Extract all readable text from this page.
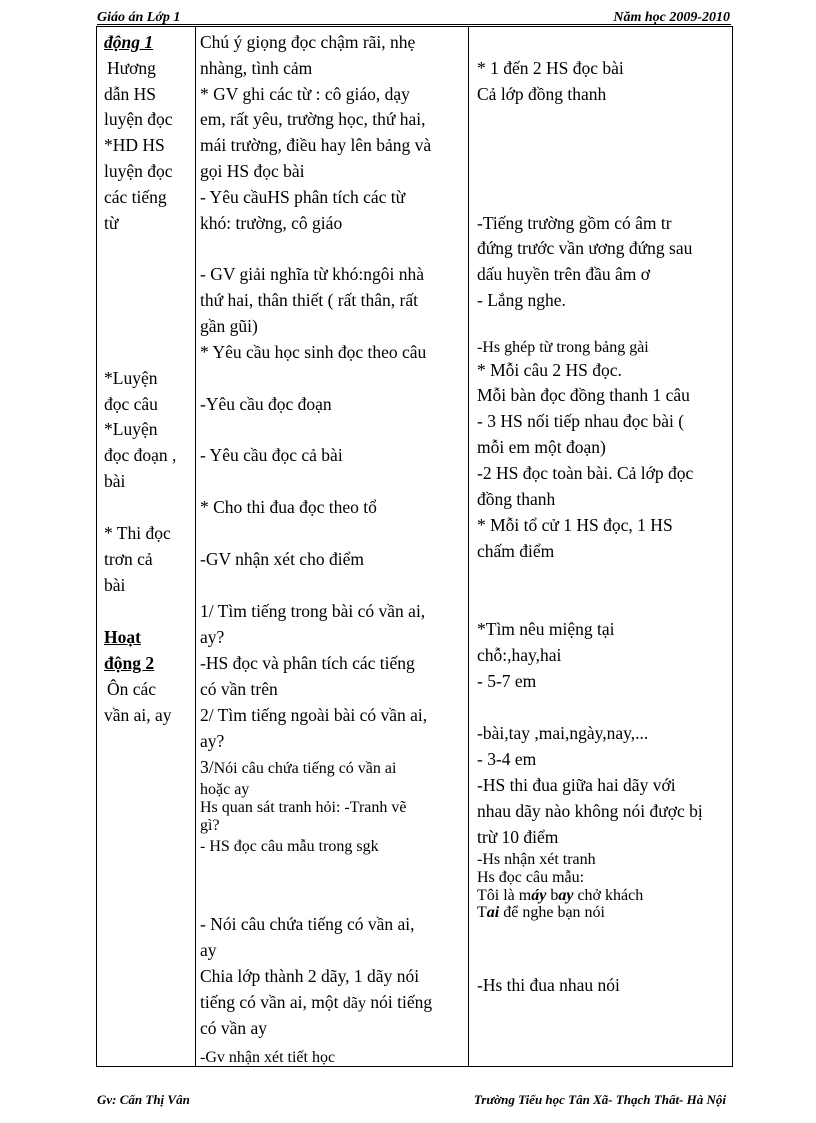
Giáo án Lớp 1	Năm học 2009-2010
động 1
Hương
dẫn HS
luyện đọc
*HD HS
luyện đọc
các tiếng
từ
*Luyện
đọc câu
*Luyện
đọc đoạn ,
bài
* Thi đọc
trơn cả
bài
Hoạt
động 2
Ôn các
vần ai, ay
Chú ý giọng đọc chậm rãi, nhẹ
nhàng, tình cảm
* GV ghi các từ : cô giáo, dạy
em, rất yêu, trường học, thứ hai,
mái trường, điều hay lên bảng và
gọi HS đọc bài
- Yêu cầuHS phân tích các từ
khó: trường, cô giáo
- GV giải nghĩa từ khó:ngôi nhà
thứ hai, thân thiết ( rất thân, rất
gần gũi)
* Yêu cầu học sinh đọc theo câu
-Yêu cầu đọc đoạn
- Yêu cầu đọc cả bài
* Cho thi đua đọc theo tổ
-GV nhận xét cho điểm
1/ Tìm tiếng trong bài có vần ai,
ay?
-HS đọc và phân tích các tiếng
có vần trên
2/ Tìm tiếng ngoài bài có vần ai,
ay?
3/Nói câu chứa tiếng có vần ai
hoặc ay
Hs quan sát tranh hỏi: -Tranh vẽ
gì?
- HS đọc câu mẫu trong sgk
- Nói câu chứa tiếng có vần ai,
ay
Chia lớp thành 2 dãy, 1 dãy nói
tiếng có vần ai, một dãy nói tiếng
có vần ay
-Gv nhận xét tiết học
* 1 đến 2 HS đọc bài
Cả lớp đồng thanh
-Tiếng trường gồm có âm tr
đứng trước vần ương đứng sau
dấu huyền trên đầu âm ơ
- Lắng nghe.
-Hs ghép từ trong bảng gài
* Mỗi câu 2 HS đọc.
Mỗi bàn đọc đồng thanh 1 câu
- 3 HS nối tiếp nhau đọc bài (
mỗi em một đoạn)
-2 HS đọc toàn bài. Cả lớp đọc
đồng thanh
* Mỗi tổ cử 1 HS đọc, 1 HS
chấm điểm
*Tìm nêu miệng tại
chỗ:,hay,hai
- 5-7 em
-bài,tay ,mai,ngày,nay,...
- 3-4 em
-HS thi đua giữa hai dãy với
nhau dãy nào không nói được bị
trừ 10 điểm
-Hs nhận xét tranh
Hs đọc câu mẫu:
Tôi là máy bay chở khách
Tai để nghe bạn nói
-Hs thi đua nhau nói
Gv: Cấn Thị Vân	Trường Tiểu học Tân Xã- Thạch Thất- Hà Nội
